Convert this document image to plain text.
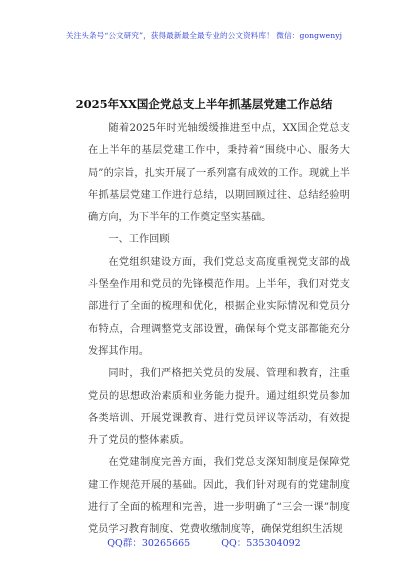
关注头条号“公文研究”，获得最新最全最专业的公文资料库！ 微信：gongwenyj
2025年XX国企党总支上半年抓基层党建工作总结

随着2025年时光轴缓缓推进至中点，XX国企党总支在上半年的基层党建工作中，秉持着“围绕中心、服务大局”的宗旨，扎实开展了一系列富有成效的工作。现就上半年抓基层党建工作进行总结，以期回顾过往、总结经验明确方向，为下半年的工作奠定坚实基础。

一、工作回顾

在党组织建设方面，我们党总支高度重视党支部的战斗堡垒作用和党员的先锋模范作用。上半年，我们对党支部进行了全面的梳理和优化，根据企业实际情况和党员分布特点，合理调整党支部设置，确保每个党支部都能充分发挥其作用。

同时，我们严格把关党员的发展、管理和教育，注重党员的思想政治素质和业务能力提升。通过组织党员参加各类培训、开展党课教育、进行党员评议等活动，有效提升了党员的整体素质。

在党建制度完善方面，我们党总支深知制度是保障党建工作规范开展的基础。因此，我们针对现有的党建制度进行了全面的梳理和完善，进一步明确了“三会一课”制度党员学习教育制度、党费收缴制度等，确保党组织生活规

QQ群：30265665	QQ：535304092
